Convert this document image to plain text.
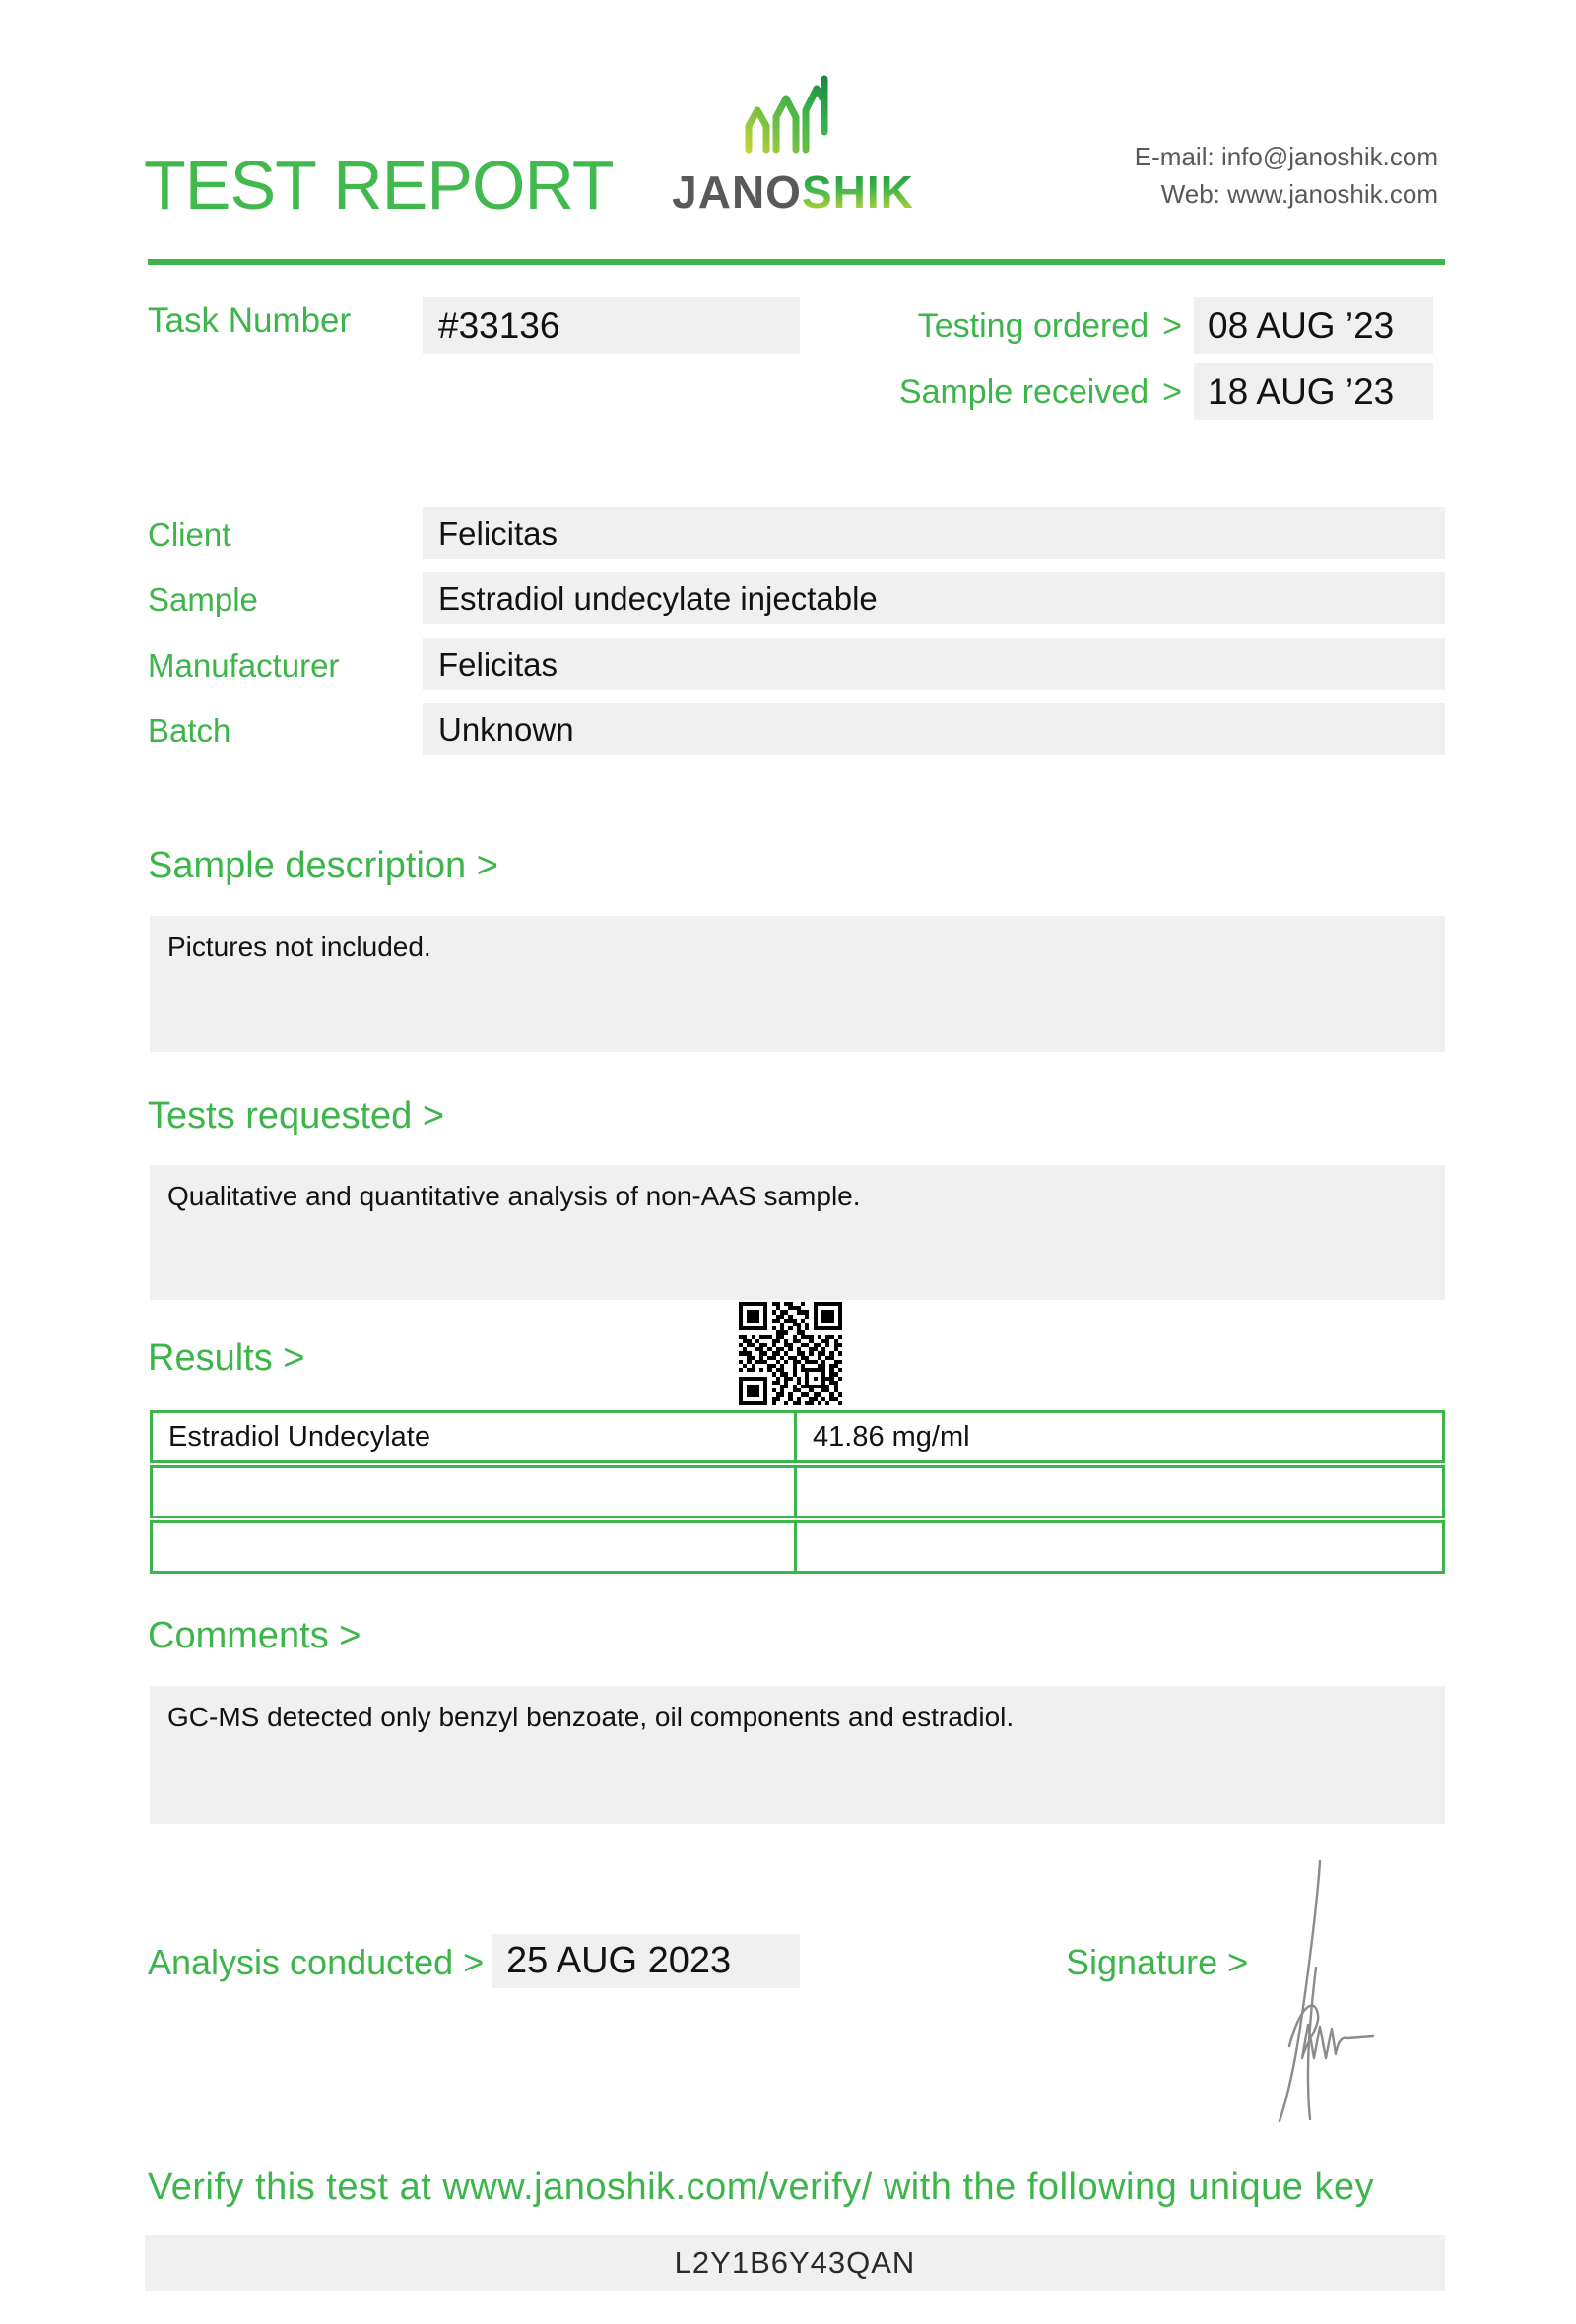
TEST REPORT JANOSHIK
E-mail: info@janoshik.com
Web: www.janoshik.com
Task Number	#33136	Testing ordered > 08 AUG ’23
Sample received > 18 AUG ’23
Client	Felicitas
Sample	Estradiol undecylate injectable
Manufacturer	Felicitas
Batch	Unknown
Sample description >
Pictures not included.
Tests requested >
Qualitative and quantitative analysis of non-AAS sample.
Results >
Estradiol Undecylate	41.86 mg/ml
Comments >
GC-MS detected only benzyl benzoate, oil components and estradiol.
Analysis conducted > 25 AUG 2023	Signature >
Verify this test at www.janoshik.com/verify/ with the following unique key
L2Y1B6Y43QAN
